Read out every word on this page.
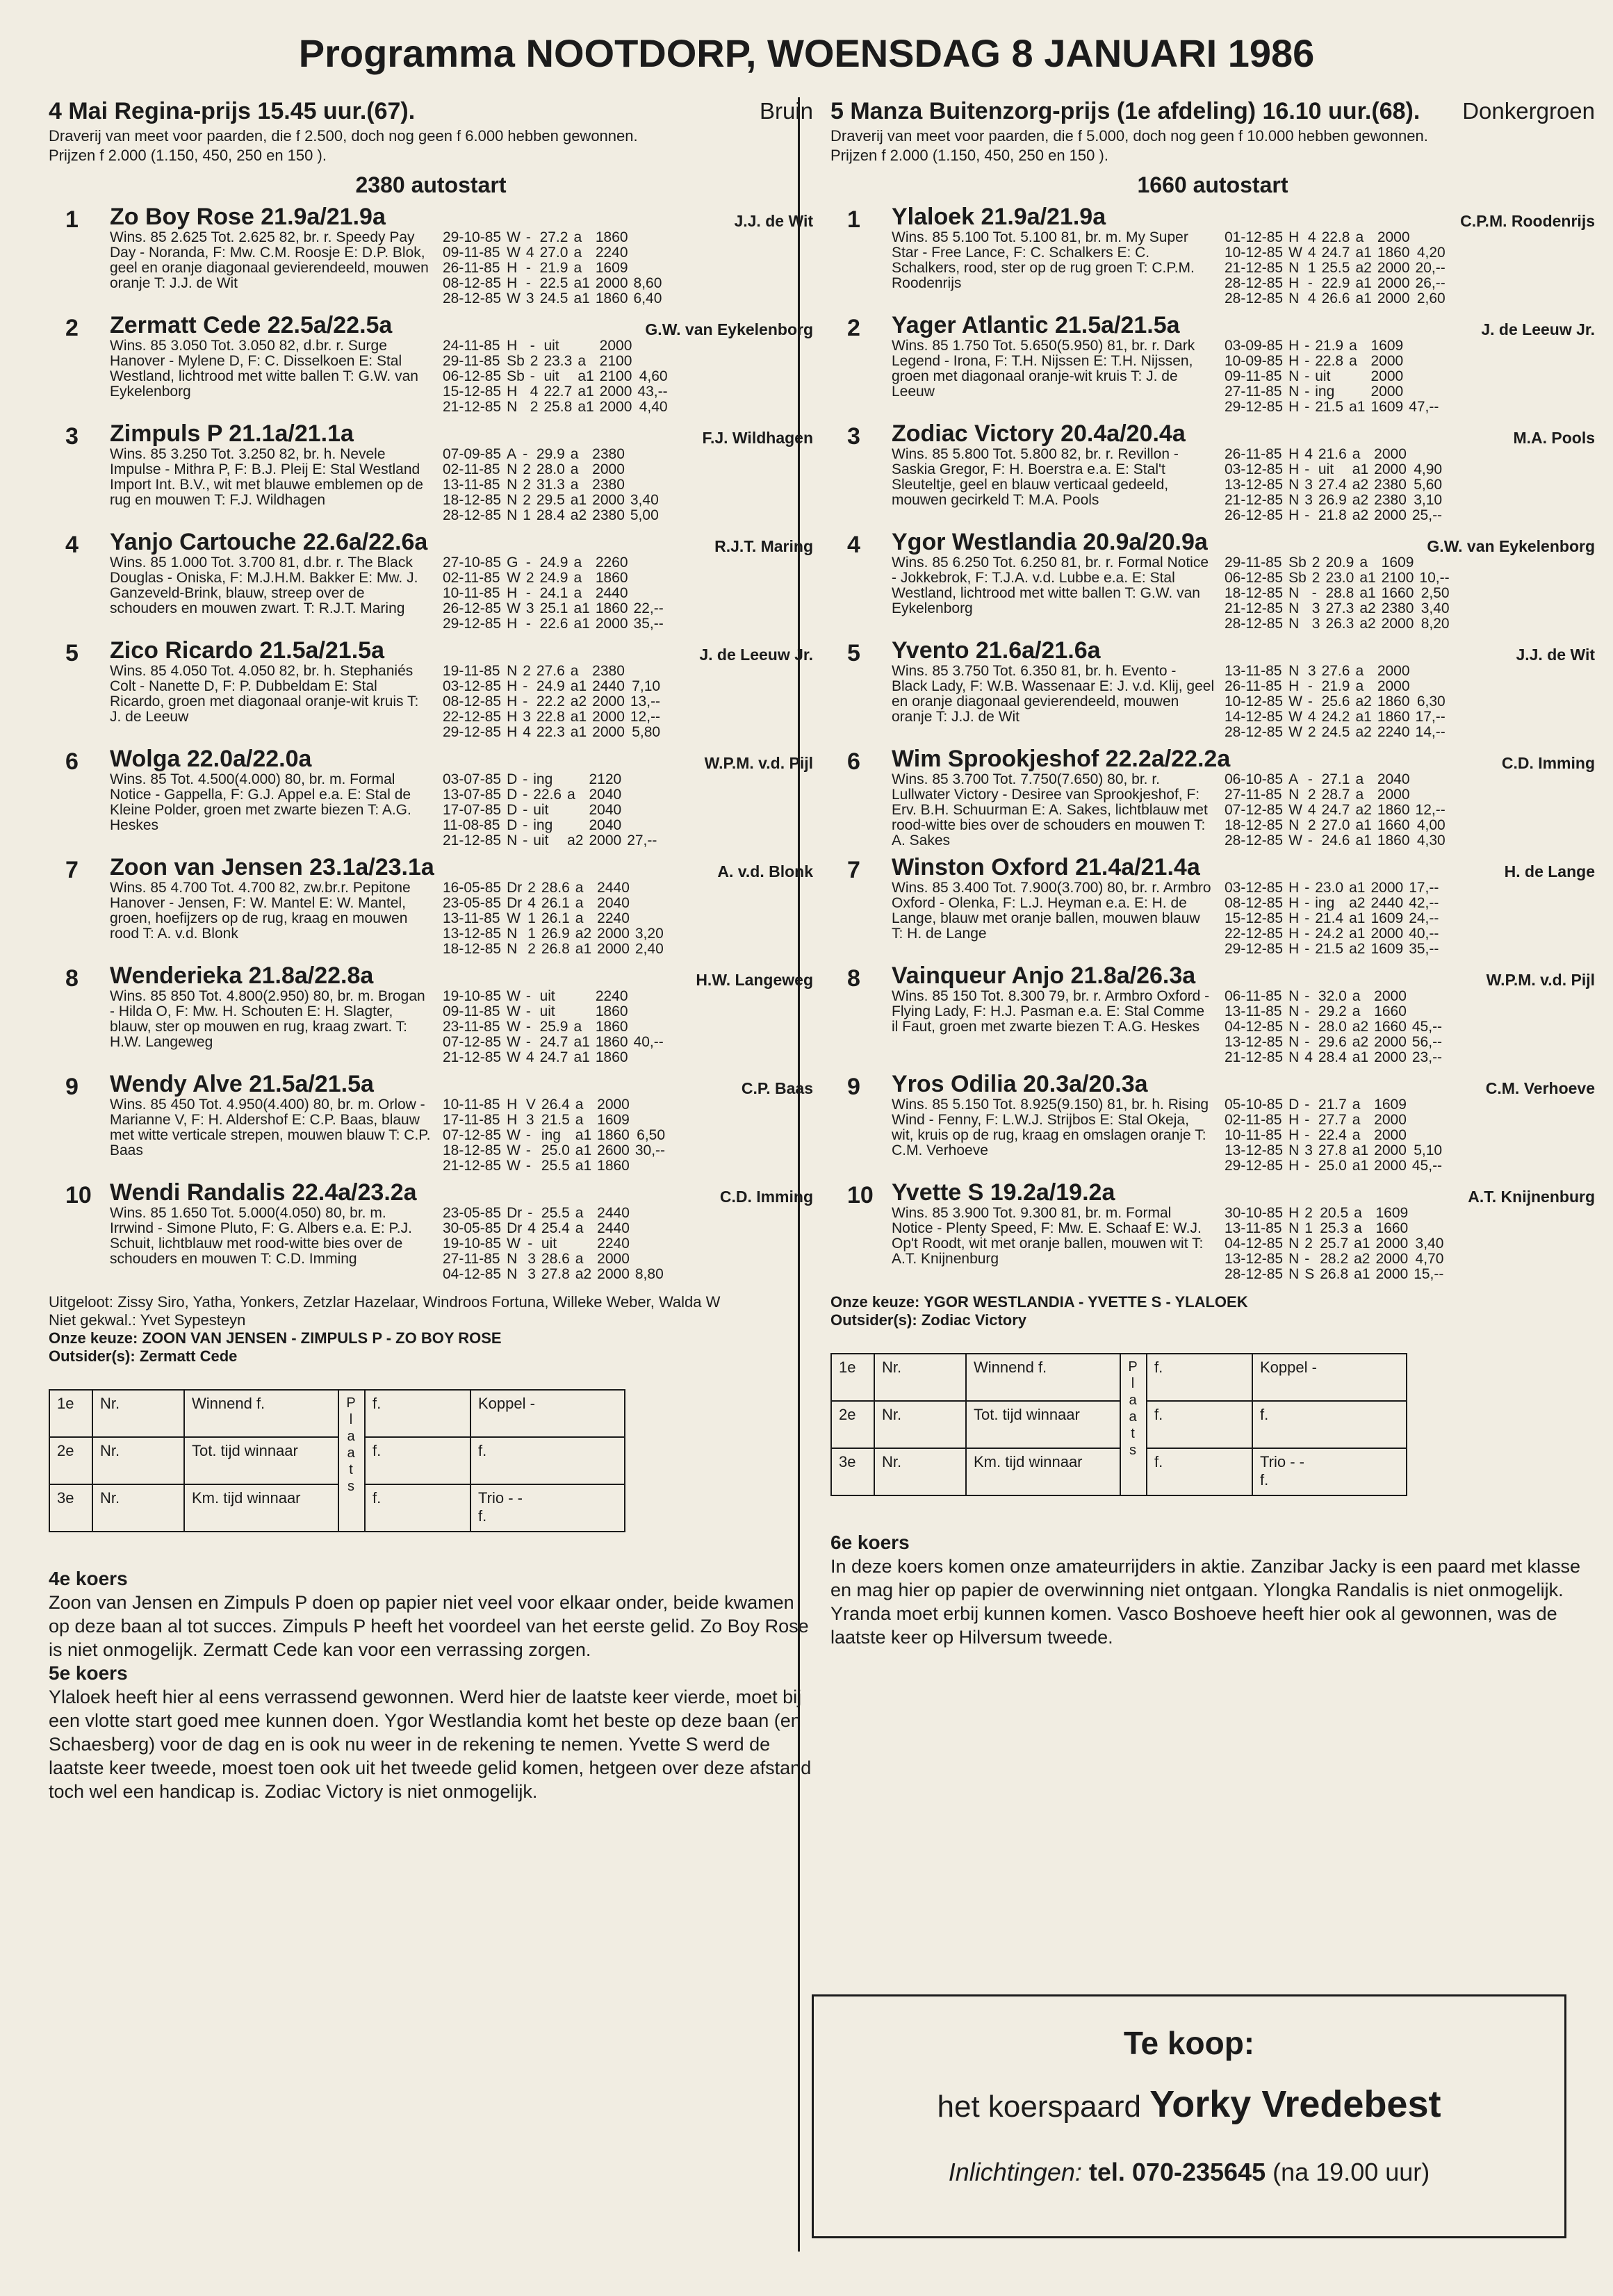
Programma NOOTDORP, WOENSDAG 8 JANUARI 1986
4 Mai Regina-prijs 15.45 uur.(67).	Bruin
Draverij van meet voor paarden, die f 2.500, doch nog geen f 6.000 hebben gewonnen.
Prijzen f 2.000 (1.150, 450, 250 en 150 ).
2380 autostart
1 Zo Boy Rose 21.9a/21.9a	J.J. de Wit
Wins. 85 2.625 Tot. 2.625 82, br. r. Speedy Pay Day - Noranda, F: Mw. C.M. Roosje E: D.P. Blok, geel en oranje diagonaal gevierendeeld, mouwen oranje T: J.J. de Wit
29-10-85	W	-	27.2	a	1860	
09-11-85	W	4	27.0	a	2240	
26-11-85	H	-	21.9	a	1609	
08-12-85	H	-	22.5	a1	2000	8,60
28-12-85	W	3	24.5	a1	1860	6,40
2 Zermatt Cede 22.5a/22.5a	G.W. van Eykelenborg
Wins. 85 3.050 Tot. 3.050 82, d.br. r. Surge Hanover - Mylene D, F: C. Disselkoen E: Stal Westland, lichtrood met witte ballen T: G.W. van Eykelenborg
24-11-85	H	-	uit		2000	
29-11-85	Sb	2	23.3	a	2100	
06-12-85	Sb	-	uit	a1	2100	4,60
15-12-85	H	4	22.7	a1	2000	43,--
21-12-85	N	2	25.8	a1	2000	4,40
3 Zimpuls P 21.1a/21.1a	F.J. Wildhagen
Wins. 85 3.250 Tot. 3.250 82, br. h. Nevele Impulse - Mithra P, F: B.J. Pleij E: Stal Westland Import Int. B.V., wit met blauwe emblemen op de rug en mouwen T: F.J. Wildhagen
07-09-85	A	-	29.9	a	2380	
02-11-85	N	2	28.0	a	2000	
13-11-85	N	2	31.3	a	2380	
18-12-85	N	2	29.5	a1	2000	3,40
28-12-85	N	1	28.4	a2	2380	5,00
4 Yanjo Cartouche 22.6a/22.6a	R.J.T. Maring
Wins. 85 1.000 Tot. 3.700 81, d.br. r. The Black Douglas - Oniska, F: M.J.H.M. Bakker E: Mw. J. Ganzeveld-Brink, blauw, streep over de schouders en mouwen zwart. T: R.J.T. Maring
27-10-85	G	-	24.9	a	2260	
02-11-85	W	2	24.9	a	1860	
10-11-85	H	-	24.1	a	2440	
26-12-85	W	3	25.1	a1	1860	22,--
29-12-85	H	-	22.6	a1	2000	35,--
5 Zico Ricardo 21.5a/21.5a	J. de Leeuw Jr.
Wins. 85 4.050 Tot. 4.050 82, br. h. Stephaniés Colt - Nanette D, F: P. Dubbeldam E: Stal Ricardo, groen met diagonaal oranje-wit kruis T: J. de Leeuw
19-11-85	N	2	27.6	a	2380	
03-12-85	H	-	24.9	a1	2440	7,10
08-12-85	H	-	22.2	a2	2000	13,--
22-12-85	H	3	22.8	a1	2000	12,--
29-12-85	H	4	22.3	a1	2000	5,80
6 Wolga 22.0a/22.0a	W.P.M. v.d. Pijl
Wins. 85 Tot. 4.500(4.000) 80, br. m. Formal Notice - Gappella, F: G.J. Appel e.a. E: Stal de Kleine Polder, groen met zwarte biezen T: A.G. Heskes
03-07-85	D	-	ing		2120	
13-07-85	D	-	22.6	a	2040	
17-07-85	D	-	uit		2040	
11-08-85	D	-	ing		2040	
21-12-85	N	-	uit	a2	2000	27,--
7 Zoon van Jensen 23.1a/23.1a	A. v.d. Blonk
Wins. 85 4.700 Tot. 4.700 82, zw.br.r. Pepitone Hanover - Jensen, F: W. Mantel E: W. Mantel, groen, hoefijzers op de rug, kraag en mouwen rood T: A. v.d. Blonk
16-05-85	Dr	2	28.6	a	2440	
23-05-85	Dr	4	26.1	a	2040	
13-11-85	W	1	26.1	a	2240	
13-12-85	N	1	26.9	a2	2000	3,20
18-12-85	N	2	26.8	a1	2000	2,40
8 Wenderieka 21.8a/22.8a	H.W. Langeweg
Wins. 85 850 Tot. 4.800(2.950) 80, br. m. Brogan - Hilda O, F: Mw. H. Schouten E: H. Slagter, blauw, ster op mouwen en rug, kraag zwart. T: H.W. Langeweg
19-10-85	W	-	uit		2240	
09-11-85	W	-	uit		1860	
23-11-85	W	-	25.9	a	1860	
07-12-85	W	-	24.7	a1	1860	40,--
21-12-85	W	4	24.7	a1	1860	
9 Wendy Alve 21.5a/21.5a	C.P. Baas
Wins. 85 450 Tot. 4.950(4.400) 80, br. m. Orlow - Marianne V, F: H. Aldershof E: C.P. Baas, blauw met witte verticale strepen, mouwen blauw T: C.P. Baas
10-11-85	H	V	26.4	a	2000	
17-11-85	H	3	21.5	a	1609	
07-12-85	W	-	ing	a1	1860	6,50
18-12-85	W	-	25.0	a1	2600	30,--
21-12-85	W	-	25.5	a1	1860	
10 Wendi Randalis 22.4a/23.2a	C.D. Imming
Wins. 85 1.650 Tot. 5.000(4.050) 80, br. m. Irrwind - Simone Pluto, F: G. Albers e.a. E: P.J. Schuit, lichtblauw met rood-witte bies over de schouders en mouwen T: C.D. Imming
23-05-85	Dr	-	25.5	a	2440	
30-05-85	Dr	4	25.4	a	2440	
19-10-85	W	-	uit		2240	
27-11-85	N	3	28.6	a	2000	
04-12-85	N	3	27.8	a2	2000	8,80
Uitgeloot: Zissy Siro, Yatha, Yonkers, Zetzlar Hazelaar, Windroos Fortuna, Willeke Weber, Walda W
Niet gekwal.: Yvet Sypesteyn
Onze keuze: ZOON VAN JENSEN - ZIMPULS P - ZO BOY ROSE
Outsider(s): Zermatt Cede
1e	Nr.	Winnend f.	Plaats	f.	Koppel -
2e	Nr.	Tot. tijd winnaar		f.	f.
3e	Nr.	Km. tijd winnaar		f.	Trio - -
f.
4e koers
Zoon van Jensen en Zimpuls P doen op papier niet veel voor elkaar onder, beide kwamen op deze baan al tot succes. Zimpuls P heeft het voordeel van het eerste gelid. Zo Boy Rose is niet onmogelijk. Zermatt Cede kan voor een verrassing zorgen.
5e koers
Ylaloek heeft hier al eens verrassend gewonnen. Werd hier de laatste keer vierde, moet bij een vlotte start goed mee kunnen doen. Ygor Westlandia komt het beste op deze baan (en Schaesberg) voor de dag en is ook nu weer in de rekening te nemen. Yvette S werd de laatste keer tweede, moest toen ook uit het tweede gelid komen, hetgeen over deze afstand toch wel een handicap is. Zodiac Victory is niet onmogelijk.
5 Manza Buitenzorg-prijs (1e afdeling) 16.10 uur.(68). Donkergroen
Draverij van meet voor paarden, die f 5.000, doch nog geen f 10.000 hebben gewonnen.
Prijzen f 2.000 (1.150, 450, 250 en 150 ).
1660 autostart
1 Ylaloek 21.9a/21.9a	C.P.M. Roodenrijs
Wins. 85 5.100 Tot. 5.100 81, br. m. My Super Star - Free Lance, F: C. Schalkers E: C. Schalkers, rood, ster op de rug groen T: C.P.M. Roodenrijs
01-12-85	H	4	22.8	a	2000	
10-12-85	W	4	24.7	a1	1860	4,20
21-12-85	N	1	25.5	a2	2000	20,--
28-12-85	H	-	22.9	a1	2000	26,--
28-12-85	N	4	26.6	a1	2000	2,60
2 Yager Atlantic 21.5a/21.5a	J. de Leeuw Jr.
Wins. 85 1.750 Tot. 5.650(5.950) 81, br. r. Dark Legend - Irona, F: T.H. Nijssen E: T.H. Nijssen, groen met diagonaal oranje-wit kruis T: J. de Leeuw
03-09-85	H	-	21.9	a	1609	
10-09-85	H	-	22.8	a	2000	
09-11-85	N	-	uit		2000	
27-11-85	N	-	ing		2000	
29-12-85	H	-	21.5	a1	1609	47,--
3 Zodiac Victory 20.4a/20.4a	M.A. Pools
Wins. 85 5.800 Tot. 5.800 82, br. r. Revillon - Saskia Gregor, F: H. Boerstra e.a. E: Stal't Sleuteltje, geel en blauw verticaal gedeeld, mouwen gecirkeld T: M.A. Pools
26-11-85	H	4	21.6	a	2000	
03-12-85	H	-	uit	a1	2000	4,90
13-12-85	N	3	27.4	a2	2380	5,60
21-12-85	N	3	26.9	a2	2380	3,10
26-12-85	H	-	21.8	a2	2000	25,--
4 Ygor Westlandia 20.9a/20.9a	G.W. van Eykelenborg
Wins. 85 6.250 Tot. 6.250 81, br. r. Formal Notice - Jokkebrok, F: T.J.A. v.d. Lubbe e.a. E: Stal Westland, lichtrood met witte ballen T: G.W. van Eykelenborg
29-11-85	Sb	2	20.9	a	1609	
06-12-85	Sb	2	23.0	a1	2100	10,--
18-12-85	N	-	28.8	a1	1660	2,50
21-12-85	N	3	27.3	a2	2380	3,40
28-12-85	N	3	26.3	a2	2000	8,20
5 Yvento 21.6a/21.6a	J.J. de Wit
Wins. 85 3.750 Tot. 6.350 81, br. h. Evento - Black Lady, F: W.B. Wassenaar E: J. v.d. Klij, geel en oranje diagonaal gevierendeeld, mouwen oranje T: J.J. de Wit
13-11-85	N	3	27.6	a	2000	
26-11-85	H	-	21.9	a	2000	
10-12-85	W	-	25.6	a2	1860	6,30
14-12-85	W	4	24.2	a1	1860	17,--
28-12-85	W	2	24.5	a2	2240	14,--
6 Wim Sprookjeshof 22.2a/22.2a	C.D. Imming
Wins. 85 3.700 Tot. 7.750(7.650) 80, br. r. Lullwater Victory - Desiree van Sprookjeshof, F: Erv. B.H. Schuurman E: A. Sakes, lichtblauw met rood-witte bies over de schouders en mouwen T: A. Sakes
06-10-85	A	-	27.1	a	2040	
27-11-85	N	2	28.7	a	2000	
07-12-85	W	4	24.7	a2	1860	12,--
18-12-85	N	2	27.0	a1	1660	4,00
28-12-85	W	-	24.6	a1	1860	4,30
7 Winston Oxford 21.4a/21.4a	H. de Lange
Wins. 85 3.400 Tot. 7.900(3.700) 80, br. r. Armbro Oxford - Olenka, F: L.J. Heyman e.a. E: H. de Lange, blauw met oranje ballen, mouwen blauw T: H. de Lange
03-12-85	H	-	23.0	a1	2000	17,--
08-12-85	H	-	ing	a2	2440	42,--
15-12-85	H	-	21.4	a1	1609	24,--
22-12-85	H	-	24.2	a1	2000	40,--
29-12-85	H	-	21.5	a2	1609	35,--
8 Vainqueur Anjo 21.8a/26.3a	W.P.M. v.d. Pijl
Wins. 85 150 Tot. 8.300 79, br. r. Armbro Oxford - Flying Lady, F: H.J. Pasman e.a. E: Stal Comme il Faut, groen met zwarte biezen T: A.G. Heskes
06-11-85	N	-	32.0	a	2000	
13-11-85	N	-	29.2	a	1660	
04-12-85	N	-	28.0	a2	1660	45,--
13-12-85	N	-	29.6	a2	2000	56,--
21-12-85	N	4	28.4	a1	2000	23,--
9 Yros Odilia 20.3a/20.3a	C.M. Verhoeve
Wins. 85 5.150 Tot. 8.925(9.150) 81, br. h. Rising Wind - Fenny, F: L.W.J. Strijbos E: Stal Okeja, wit, kruis op de rug, kraag en omslagen oranje T: C.M. Verhoeve
05-10-85	D	-	21.7	a	1609	
02-11-85	H	-	27.7	a	2000	
10-11-85	H	-	22.4	a	2000	
13-12-85	N	3	27.8	a1	2000	5,10
29-12-85	H	-	25.0	a1	2000	45,--
10 Yvette S 19.2a/19.2a	A.T. Knijnenburg
Wins. 85 3.900 Tot. 9.300 81, br. m. Formal Notice - Plenty Speed, F: Mw. E. Schaaf E: W.J. Op't Roodt, wit met oranje ballen, mouwen wit T: A.T. Knijnenburg
30-10-85	H	2	20.5	a	1609	
13-11-85	N	1	25.3	a	1660	
04-12-85	N	2	25.7	a1	2000	3,40
13-12-85	N	-	28.2	a2	2000	4,70
28-12-85	N	S	26.8	a1	2000	15,--
Onze keuze: YGOR WESTLANDIA - YVETTE S - YLALOEK
Outsider(s): Zodiac Victory
1e	Nr.	Winnend f.	Plaats	f.	Koppel -
2e	Nr.	Tot. tijd winnaar		f.	f.
3e	Nr.	Km. tijd winnaar		f.	Trio - -
f.
6e koers
In deze koers komen onze amateurrijders in aktie. Zanzibar Jacky is een paard met klasse en mag hier op papier de overwinning niet ontgaan. Ylongka Randalis is niet onmogelijk. Yranda moet erbij kunnen komen. Vasco Boshoeve heeft hier ook al gewonnen, was de laatste keer op Hilversum tweede.
Te koop:
het koerspaard Yorky Vredebest
Inlichtingen: tel. 070-235645 (na 19.00 uur)
